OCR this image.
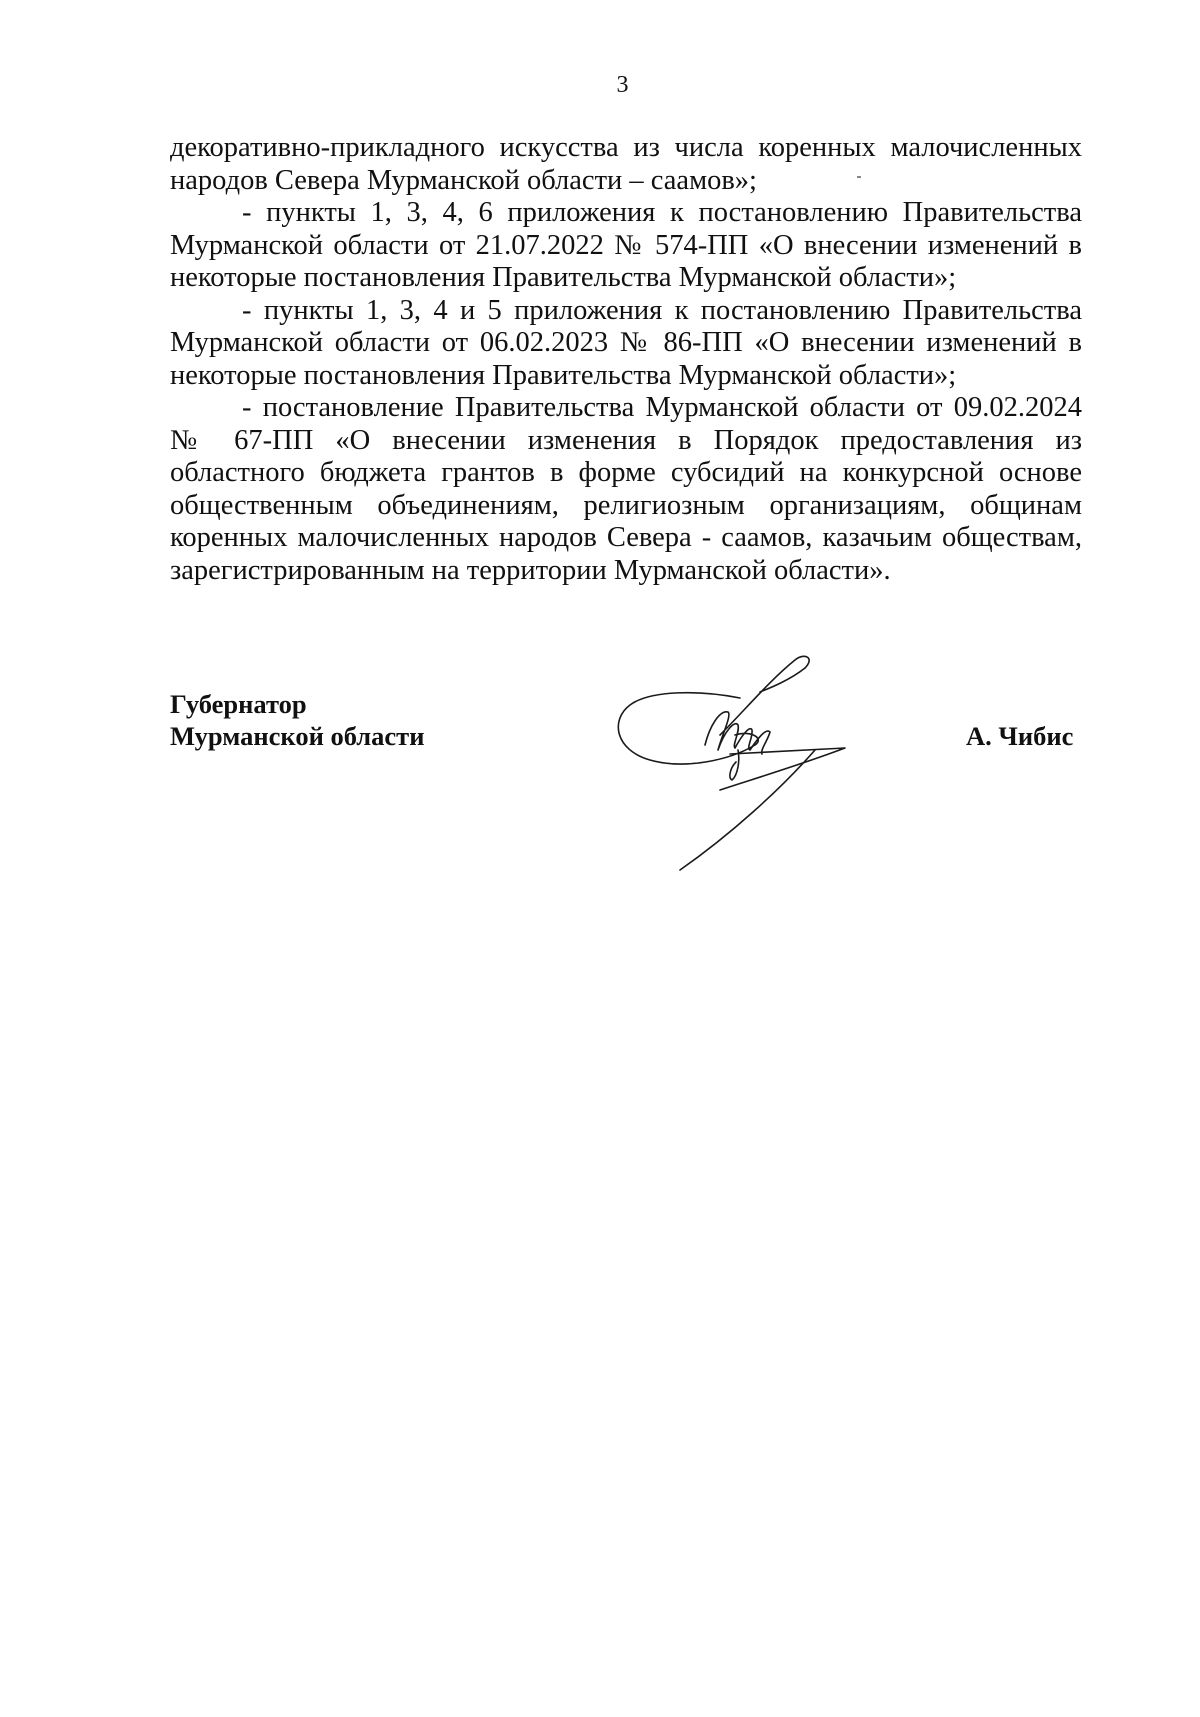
3

декоративно-прикладного искусства из числа коренных малочисленных народов Севера Мурманской области – саамов»;

- пункты 1, 3, 4, 6 приложения к постановлению Правительства Мурманской области от 21.07.2022 № 574-ПП «О внесении изменений в некоторые постановления Правительства Мурманской области»;

- пункты 1, 3, 4 и 5 приложения к постановлению Правительства Мурманской области от 06.02.2023 № 86-ПП «О внесении изменений в некоторые постановления Правительства Мурманской области»;

- постановление Правительства Мурманской области от 09.02.2024 № 67-ПП «О внесении изменения в Порядок предоставления из областного бюджета грантов в форме субсидий на конкурсной основе общественным объединениям, религиозным организациям, общинам коренных малочисленных народов Севера - саамов, казачьим обществам, зарегистрированным на территории Мурманской области».

Губернатор
Мурманской области	А. Чибис
